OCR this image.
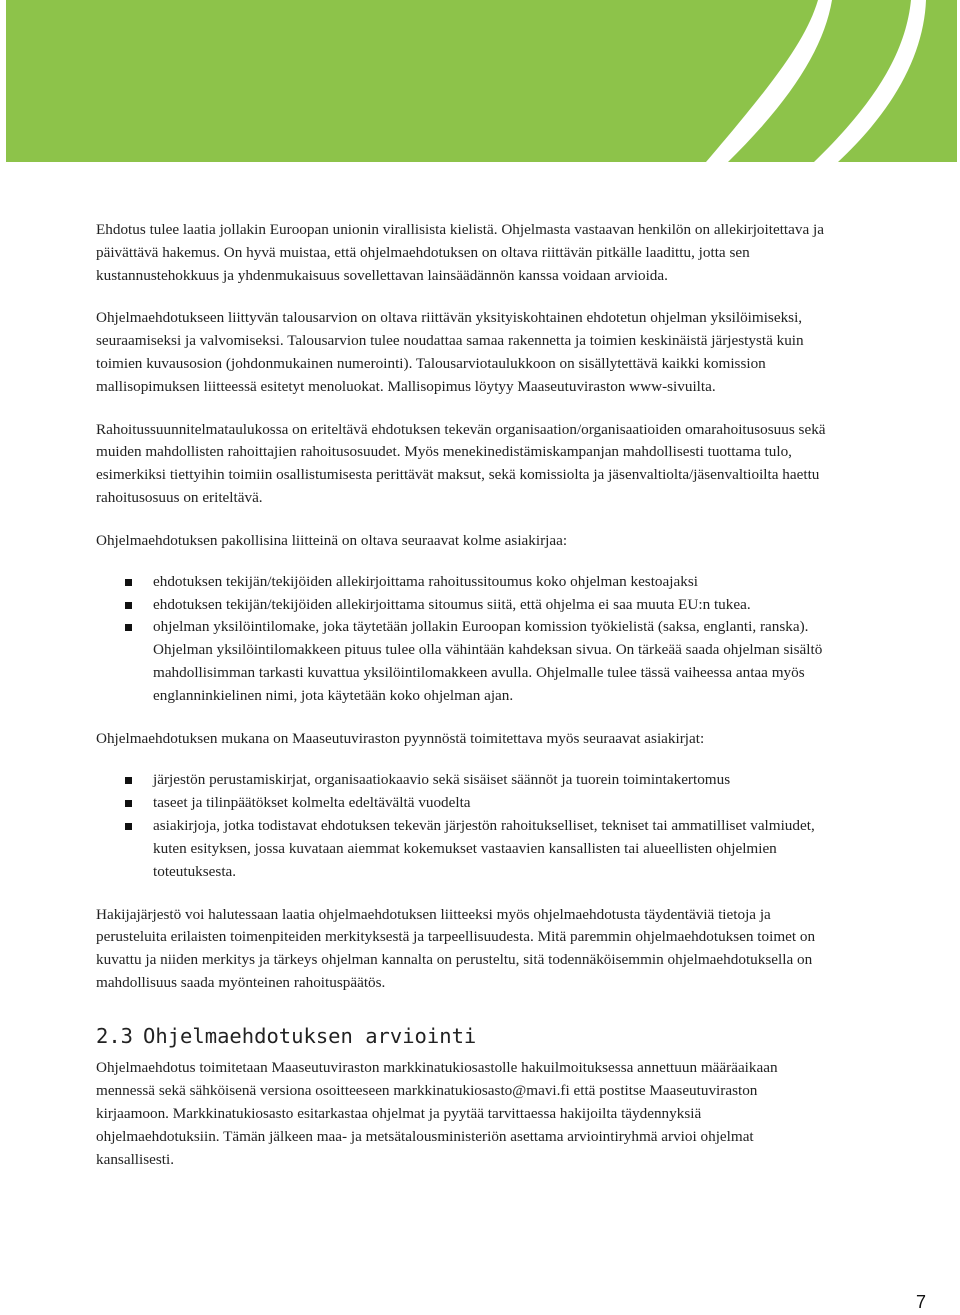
Ehdotus tulee laatia jollakin Euroopan unionin virallisista kielistä. Ohjelmasta vastaavan henkilön on allekirjoitettava ja päivättävä hakemus. On hyvä muistaa, että ohjelmaehdotuksen on oltava riittävän pitkälle laadittu, jotta sen kustannustehokkuus ja yhdenmukaisuus sovellettavan lainsäädännön kanssa voidaan arvioida.

Ohjelmaehdotukseen liittyvän talousarvion on oltava riittävän yksityiskohtainen ehdotetun ohjelman yksilöimiseksi, seuraamiseksi ja valvomiseksi. Talousarvion tulee noudattaa samaa rakennetta ja toimien keskinäistä järjestystä kuin toimien kuvausosion (johdonmukainen numerointi). Talousarviotaulukkoon on sisällytettävä kaikki komission mallisopimuksen liitteessä esitetyt menoluokat. Mallisopimus löytyy Maaseutuviraston www-sivuilta.

Rahoitussuunnitelmataulukossa on eriteltävä ehdotuksen tekevän organisaation/organisaatioiden omarahoitusosuus sekä muiden mahdollisten rahoittajien rahoitusosuudet. Myös menekinedistämiskampanjan mahdollisesti tuottama tulo, esimerkiksi tiettyihin toimiin osallistumisesta perittävät maksut, sekä komissiolta ja jäsenvaltiolta/jäsenvaltioilta haettu rahoitusosuus on eriteltävä.

Ohjelmaehdotuksen pakollisina liitteinä on oltava seuraavat kolme asiakirjaa:

ehdotuksen tekijän/tekijöiden allekirjoittama rahoitussitoumus koko ohjelman kestoajaksi
ehdotuksen tekijän/tekijöiden allekirjoittama sitoumus siitä, että ohjelma ei saa muuta EU:n tukea.
ohjelman yksilöintilomake, joka täytetään jollakin Euroopan komission työkielistä (saksa, englanti, ranska). Ohjelman yksilöintilomakkeen pituus tulee olla vähintään kahdeksan sivua. On tärkeää saada ohjelman sisältö mahdollisimman tarkasti kuvattua yksilöintilomakkeen avulla. Ohjelmalle tulee tässä vaiheessa antaa myös englanninkielinen nimi, jota käytetään koko ohjelman ajan.

Ohjelmaehdotuksen mukana on Maaseutuviraston pyynnöstä toimitettava myös seuraavat asiakirjat:

järjestön perustamiskirjat, organisaatiokaavio sekä sisäiset säännöt ja tuorein toimintakertomus
taseet ja tilinpäätökset kolmelta edeltävältä vuodelta
asiakirjoja, jotka todistavat ehdotuksen tekevän järjestön rahoitukselliset, tekniset tai ammatilliset valmiudet, kuten esityksen, jossa kuvataan aiemmat kokemukset vastaavien kansallisten tai alueellisten ohjelmien toteutuksesta.

Hakijajärjestö voi halutessaan laatia ohjelmaehdotuksen liitteeksi myös ohjelmaehdotusta täydentäviä tietoja ja perusteluita erilaisten toimenpiteiden merkityksestä ja tarpeellisuudesta. Mitä paremmin ohjelmaehdotuksen toimet on kuvattu ja niiden merkitys ja tärkeys ohjelman kannalta on perusteltu, sitä todennäköisemmin ohjelmaehdotuksella on mahdollisuus saada myönteinen rahoituspäätös.

2.3 Ohjelmaehdotuksen arviointi

Ohjelmaehdotus toimitetaan Maaseutuviraston markkinatukiosastolle hakuilmoituksessa annettuun määräaikaan mennessä sekä sähköisenä versiona osoitteeseen markkinatukiosasto@mavi.fi että postitse Maaseutuviraston kirjaamoon. Markkinatukiosasto esitarkastaa ohjelmat ja pyytää tarvittaessa hakijoilta täydennyksiä ohjelmaehdotuksiin. Tämän jälkeen maa- ja metsätalousministeriön asettama arviointiryhmä arvioi ohjelmat kansallisesti.

7
